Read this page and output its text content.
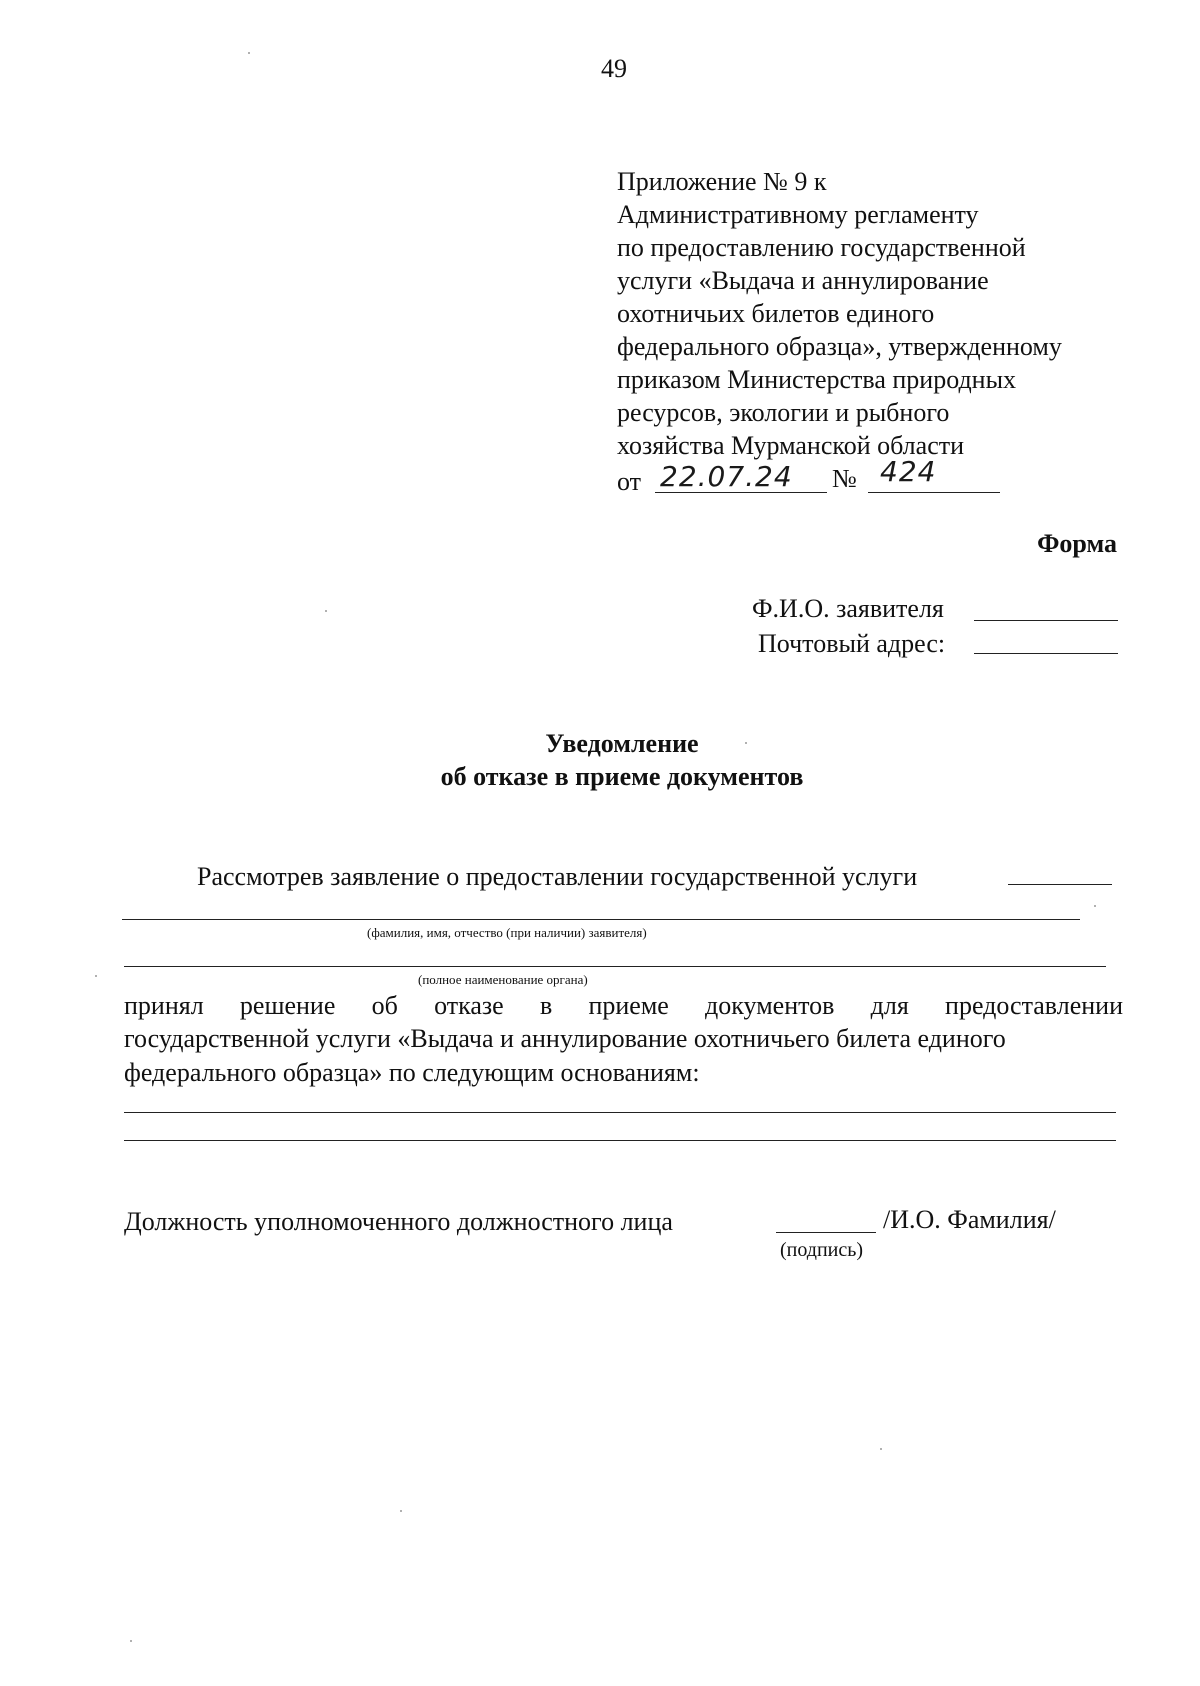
49
Приложение № 9 к
Административному регламенту
по предоставлению государственной
услуги «Выдача и аннулирование
охотничьих билетов единого
федерального образца», утвержденному
приказом Министерства природных
ресурсов, экологии и рыбного
хозяйства Мурманской области
от 22.07.24 № 424
Форма
Ф.И.О. заявителя
Почтовый адрес:
Уведомление
об отказе в приеме документов
Рассмотрев заявление о предоставлении государственной услуги
(фамилия, имя, отчество (при наличии) заявителя)
(полное наименование органа)
принял решение об отказе в приеме документов для предоставлении
государственной услуги «Выдача и аннулирование охотничьего билета единого
федерального образца» по следующим основаниям:
Должность уполномоченного должностного лица	/И.О. Фамилия/
(подпись)
